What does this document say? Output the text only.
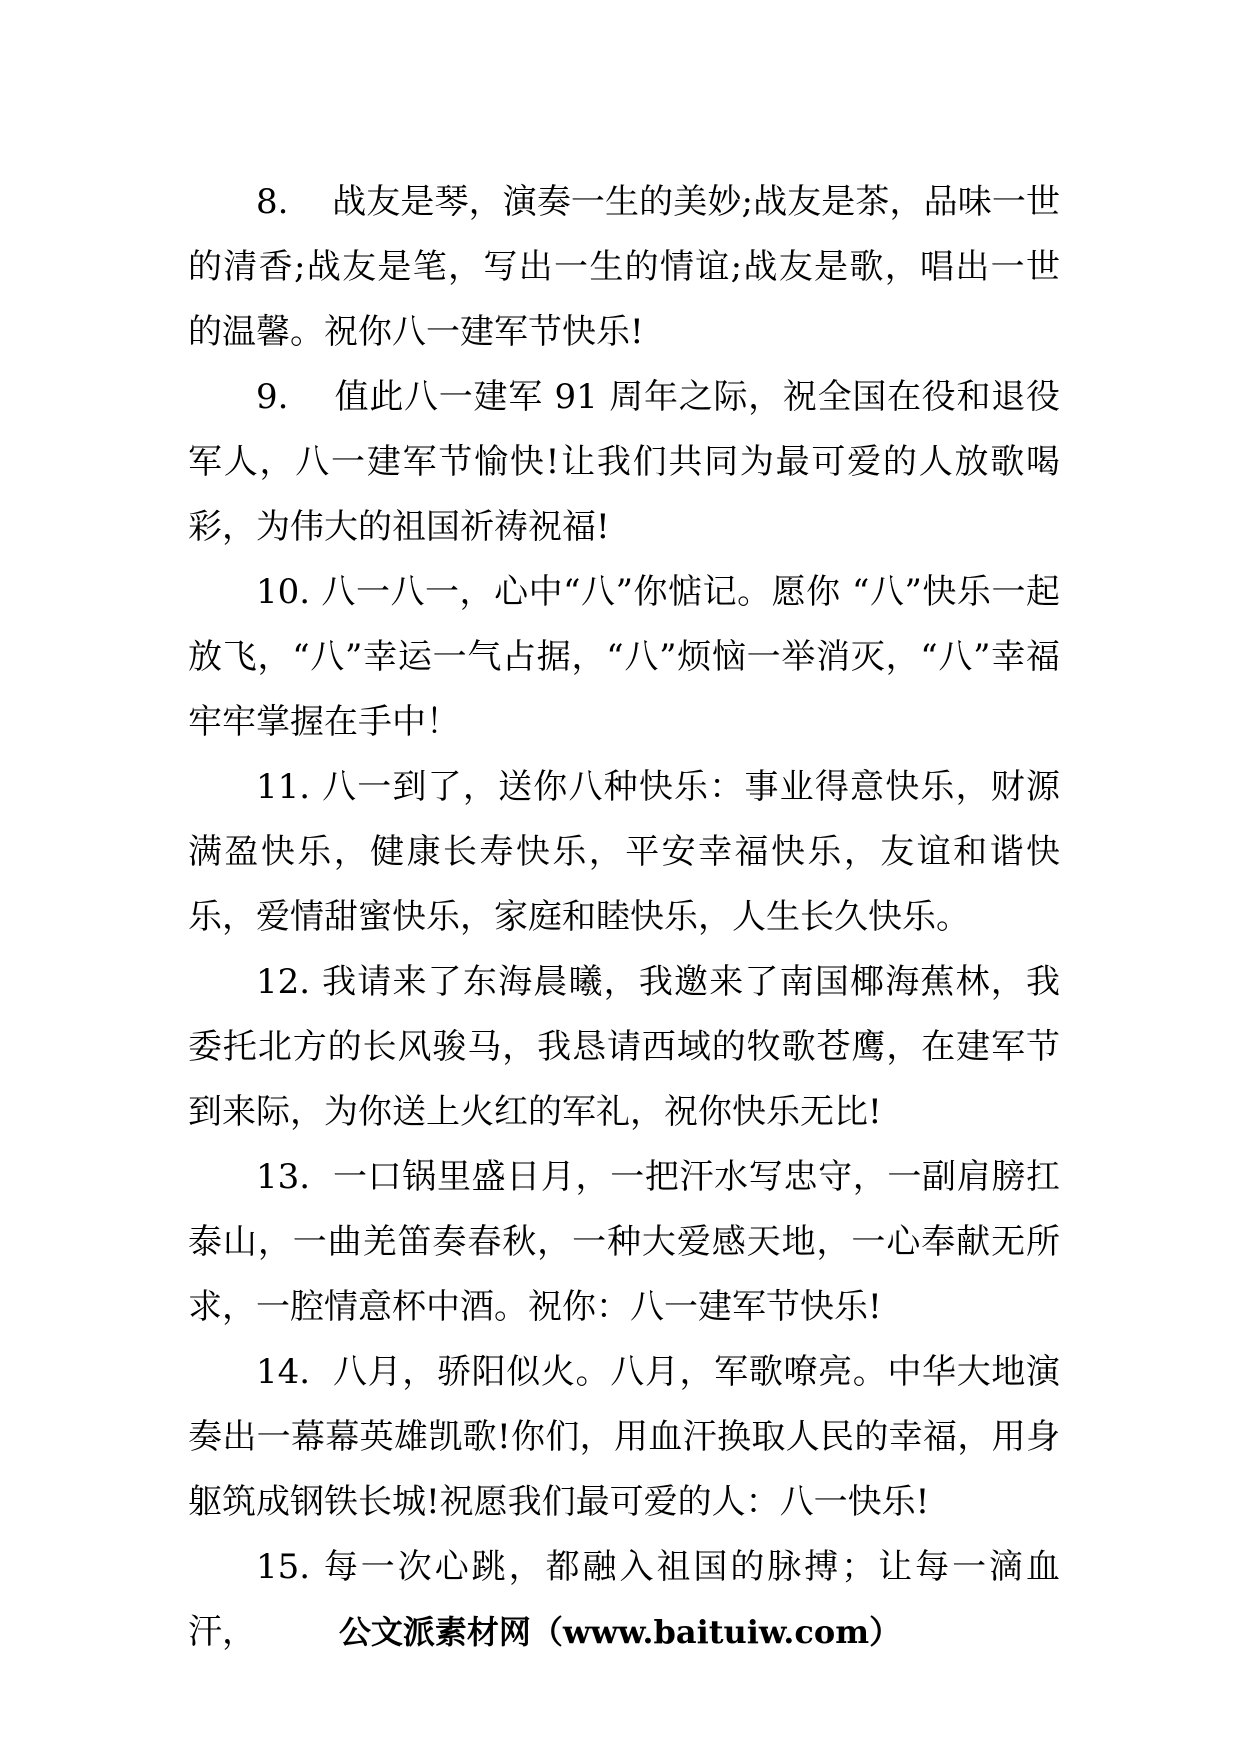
8. 战友是琴，演奏一生的美妙;战友是茶，品味一世的清香;战友是笔，写出一生的情谊;战友是歌，唱出一世的温馨。祝你八一建军节快乐!

9. 值此八一建军 91 周年之际，祝全国在役和退役军人，八一建军节愉快!让我们共同为最可爱的人放歌喝彩，为伟大的祖国祈祷祝福!

10. 八一八一，心中“八”你惦记。愿你 “八”快乐一起放飞，“八”幸运一气占据，“八”烦恼一举消灭，“八”幸福牢牢掌握在手中！

11. 八一到了，送你八种快乐：事业得意快乐，财源满盈快乐，健康长寿快乐，平安幸福快乐，友谊和谐快乐，爱情甜蜜快乐，家庭和睦快乐，人生长久快乐。

12. 我请来了东海晨曦，我邀来了南国椰海蕉林，我委托北方的长风骏马，我恳请西域的牧歌苍鹰，在建军节到来际，为你送上火红的军礼，祝你快乐无比!

13. 一口锅里盛日月，一把汗水写忠守，一副肩膀扛泰山，一曲羌笛奏春秋，一种大爱感天地，一心奉献无所求，一腔情意杯中酒。祝你：八一建军节快乐!

14. 八月，骄阳似火。八月，军歌嘹亮。中华大地演奏出一幕幕英雄凯歌!你们，用血汗换取人民的幸福，用身躯筑成钢铁长城!祝愿我们最可爱的人：八一快乐!

15. 每一次心跳，都融入祖国的脉搏；让每一滴血汗，	公文派素材网（www.baituiw.com）
